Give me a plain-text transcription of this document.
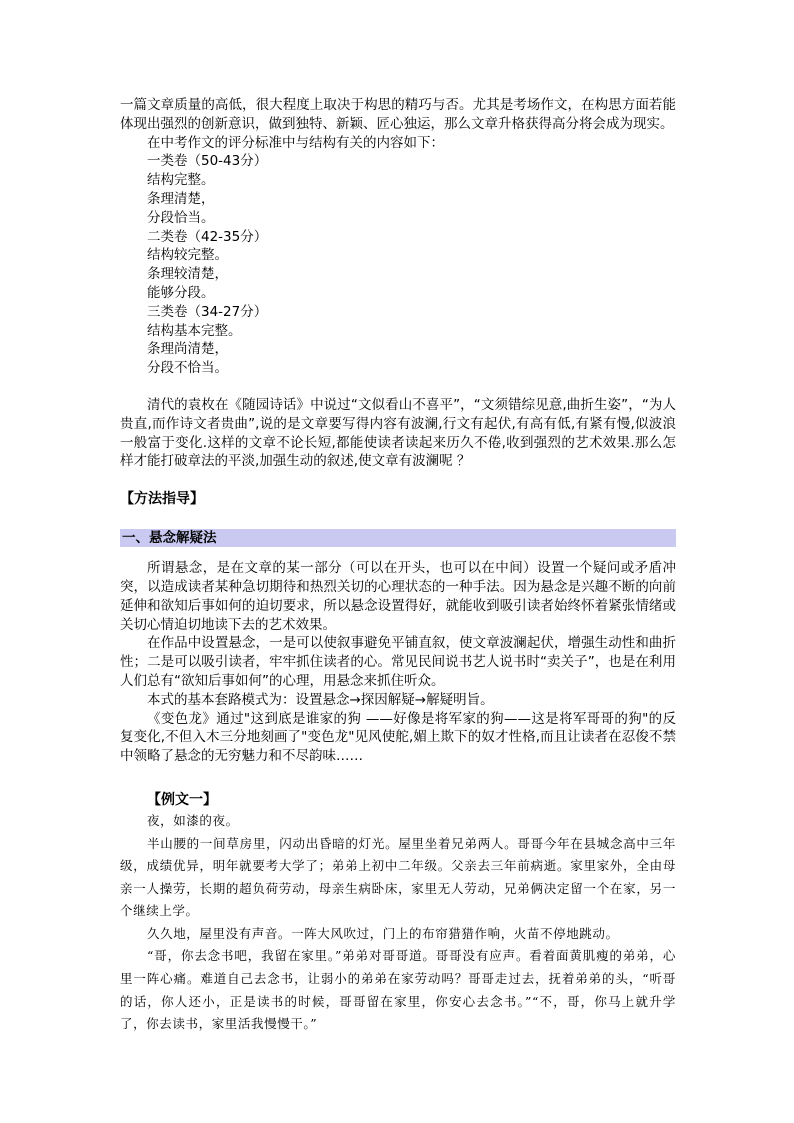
一篇文章质量的高低，很大程度上取决于构思的精巧与否。尤其是考场作文，在构思方面若能体现出强烈的创新意识，做到独特、新颖、匠心独运，那么文章升格获得高分将会成为现实。

在中考作文的评分标准中与结构有关的内容如下：

一类卷（50-43分）

结构完整。

条理清楚，

分段恰当。

二类卷（42-35分）

结构较完整。

条理较清楚，

能够分段。

三类卷（34-27分）

结构基本完整。

条理尚清楚，

分段不恰当。

清代的袁枚在《随园诗话》中说过“文似看山不喜平”，“文须错综见意,曲折生姿”，“为人贵直,而作诗文者贵曲”,说的是文章要写得内容有波澜,行文有起伏,有高有低,有紧有慢,似波浪一般富于变化.这样的文章不论长短,都能使读者读起来历久不倦,收到强烈的艺术效果.那么怎样才能打破章法的平淡,加强生动的叙述,使文章有波澜呢 ？

【方法指导】

一、悬念解疑法

所谓悬念，是在文章的某一部分（可以在开头，也可以在中间）设置一个疑问或矛盾冲突，以造成读者某种急切期待和热烈关切的心理状态的一种手法。因为悬念是兴趣不断的向前延伸和欲知后事如何的迫切要求，所以悬念设置得好，就能收到吸引读者始终怀着紧张情绪或关切心情迫切地读下去的艺术效果。

在作品中设置悬念，一是可以使叙事避免平铺直叙，使文章波澜起伏，增强生动性和曲折性；二是可以吸引读者，牢牢抓住读者的心。常见民间说书艺人说书时“卖关子”，也是在利用人们总有“欲知后事如何”的心理，用悬念来抓住听众。

本式的基本套路模式为：设置悬念→探因解疑→解疑明旨。

《变色龙》通过"这到底是谁家的狗 ——好像是将军家的狗——这是将军哥哥的狗"的反复变化,不但入木三分地刻画了"变色龙"见风使舵,媚上欺下的奴才性格,而且让读者在忍俊不禁中领略了悬念的无穷魅力和不尽韵味……

【例文一】

夜，如漆的夜。

半山腰的一间草房里，闪动出昏暗的灯光。屋里坐着兄弟两人。哥哥今年在县城念高中三年级，成绩优异，明年就要考大学了；弟弟上初中二年级。父亲去三年前病逝。家里家外，全由母亲一人操劳，长期的超负荷劳动，母亲生病卧床，家里无人劳动，兄弟俩决定留一个在家，另一个继续上学。

久久地，屋里没有声音。一阵大风吹过，门上的布帘猎猎作响，火苗不停地跳动。

“哥，你去念书吧，我留在家里。”弟弟对哥哥道。哥哥没有应声。看着面黄肌瘦的弟弟，心里一阵心痛。难道自己去念书，让弱小的弟弟在家劳动吗？哥哥走过去，抚着弟弟的头，“听哥的话，你人还小，正是读书的时候，哥哥留在家里，你安心去念书。”“不，哥，你马上就升学了，你去读书，家里活我慢慢干。”
